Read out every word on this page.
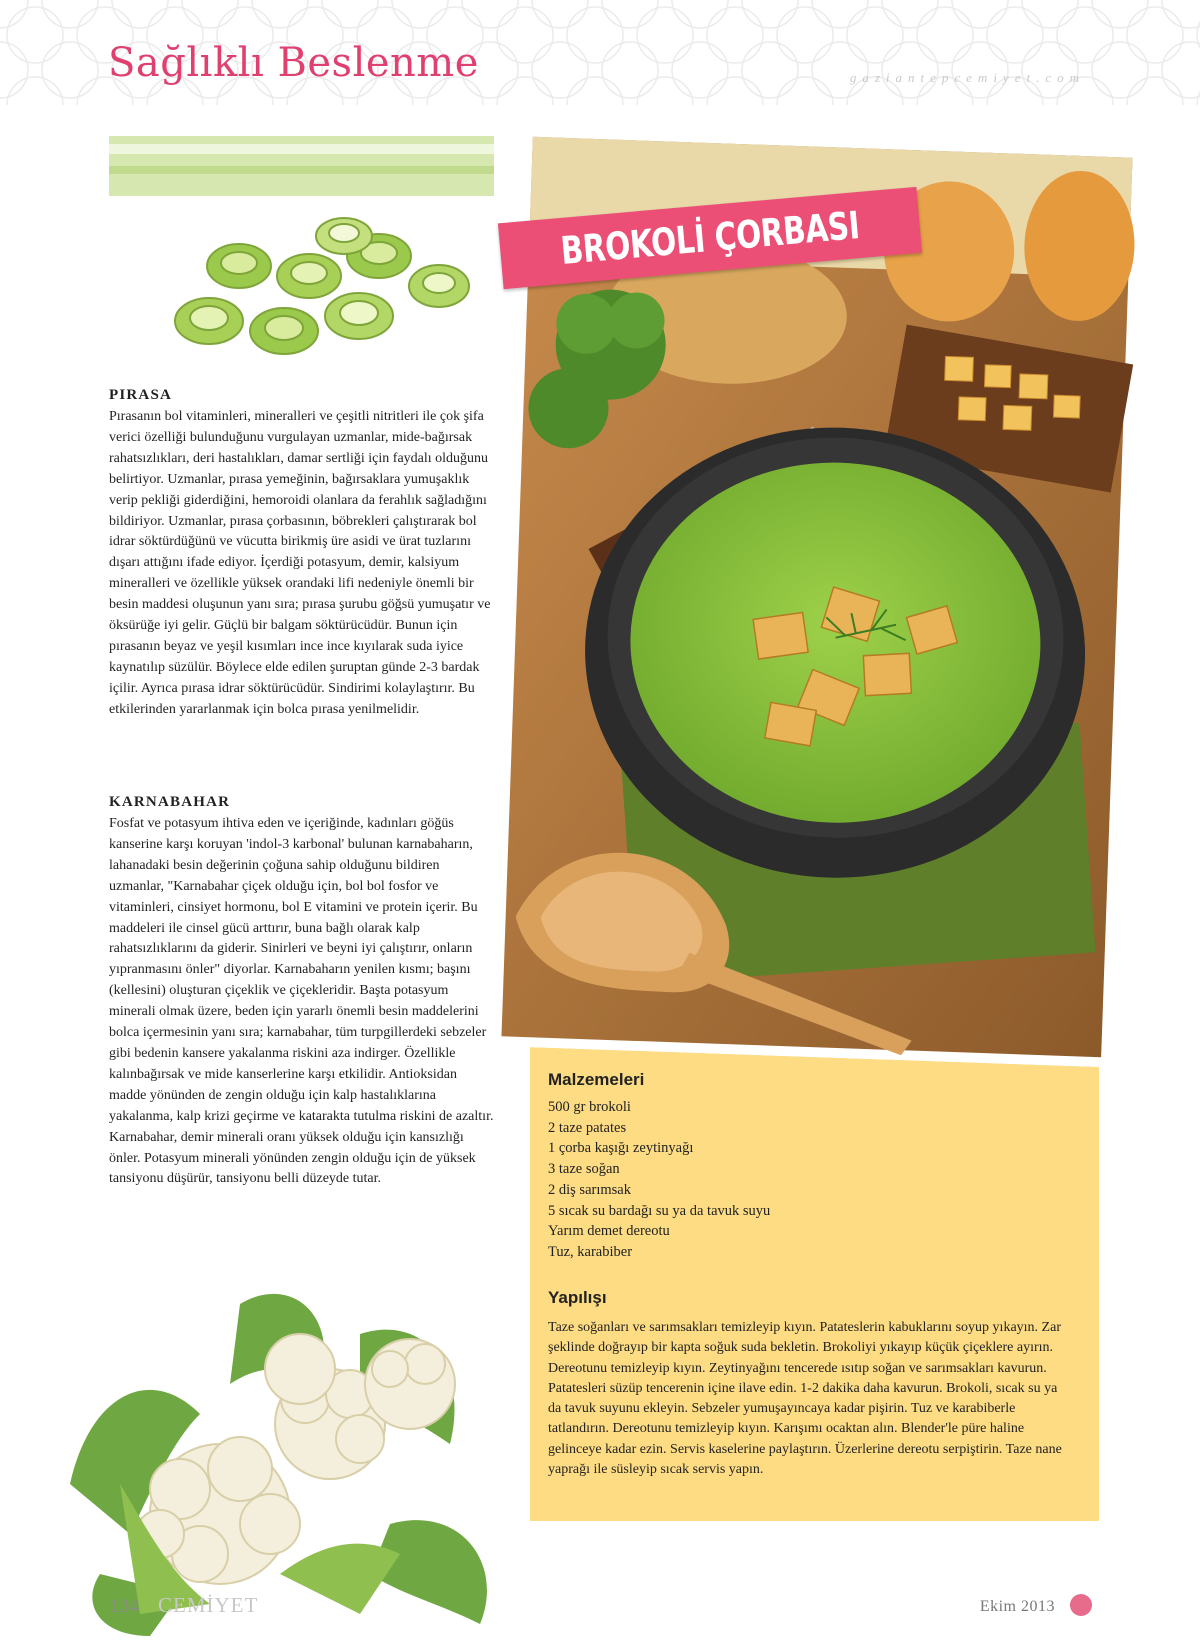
Sağlıklı Beslenme	gaziantepcemiyet.com
PIRASA

Pırasanın bol vitaminleri, mineralleri ve çeşitli nitritleri ile çok şifa verici özelliği bulunduğunu vurgulayan uzmanlar, mide-bağırsak rahatsızlıkları, deri hastalıkları, damar sertliği için faydalı olduğunu belirtiyor. Uzmanlar, pırasa yemeğinin, bağırsaklara yumuşaklık verip pekliği giderdiğini, hemoroidi olanlara da ferahlık sağladığını bildiriyor. Uzmanlar, pırasa çorbasının, böbrekleri çalıştırarak bol idrar söktürdüğünü ve vücutta birikmiş üre asidi ve ürat tuzlarını dışarı attığını ifade ediyor. İçerdiği potasyum, demir, kalsiyum mineralleri ve özellikle yüksek orandaki lifi nedeniyle önemli bir besin maddesi oluşunun yanı sıra; pırasa şurubu göğsü yumuşatır ve öksürüğe iyi gelir. Güçlü bir balgam söktürücüdür. Bunun için pırasanın beyaz ve yeşil kısımları ince ince kıyılarak suda iyice kaynatılıp süzülür. Böylece elde edilen şuruptan günde 2-3 bardak içilir. Ayrıca pırasa idrar söktürücüdür. Sindirimi kolaylaştırır. Bu etkilerinden yararlanmak için bolca pırasa yenilmelidir.

KARNABAHAR

Fosfat ve potasyum ihtiva eden ve içeriğinde, kadınları göğüs kanserine karşı koruyan 'indol-3 karbonal' bulunan karnabaharın, lahanadaki besin değerinin çoğuna sahip olduğunu bildiren uzmanlar, "Karnabahar çiçek olduğu için, bol bol fosfor ve vitaminleri, cinsiyet hormonu, bol E vitamini ve protein içerir. Bu maddeleri ile cinsel gücü arttırır, buna bağlı olarak kalp rahatsızlıklarını da giderir. Sinirleri ve beyni iyi çalıştırır, onların yıpranmasını önler" diyorlar. Karnabaharın yenilen kısmı; başını (kellesini) oluşturan çiçeklik ve çiçekleridir. Başta potasyum minerali olmak üzere, beden için yararlı önemli besin maddelerini bolca içermesinin yanı sıra; karnabahar, tüm turpgillerdeki sebzeler gibi bedenin kansere yakalanma riskini aza indirger. Özellikle kalınbağırsak ve mide kanserlerine karşı etkilidir. Antioksidan madde yönünden de zengin olduğu için kalp hastalıklarına yakalanma, kalp krizi geçirme ve katarakta tutulma riskini de azaltır. Karnabahar, demir minerali oranı yüksek olduğu için kansızlığı önler. Potasyum minerali yönünden zengin olduğu için de yüksek tansiyonu düşürür, tansiyonu belli düzeyde tutar.

BROKOLİ ÇORBASI
Malzemeleri
500 gr brokoli
2 taze patates
1 çorba kaşığı zeytinyağı
3 taze soğan
2 diş sarımsak
5 sıcak su bardağı su ya da tavuk suyu
Yarım demet dereotu
Tuz, karabiber
Yapılışı

Taze soğanları ve sarımsakları temizleyip kıyın. Patateslerin kabuklarını soyup yıkayın. Zar şeklinde doğrayıp bir kapta soğuk suda bekletin. Brokoliyi yıkayıp küçük çiçeklere ayırın. Dereotunu temizleyip kıyın. Zeytinyağını tencerede ısıtıp soğan ve sarımsakları kavurun. Patatesleri süzüp tencerenin içine ilave edin. 1-2 dakika daha kavurun. Brokoli, sıcak su ya da tavuk suyunu ekleyin. Sebzeler yumuşayıncaya kadar pişirin. Tuz ve karabiberle tatlandırın. Dereotunu temizleyip kıyın. Karışımı ocaktan alın. Blender'le püre haline gelinceye kadar ezin. Servis kaselerine paylaştırın. Üzerlerine dereotu serpiştirin. Taze nane yaprağı ile süsleyip sıcak servis yapın.

134 CEMİYET	Ekim 2013
